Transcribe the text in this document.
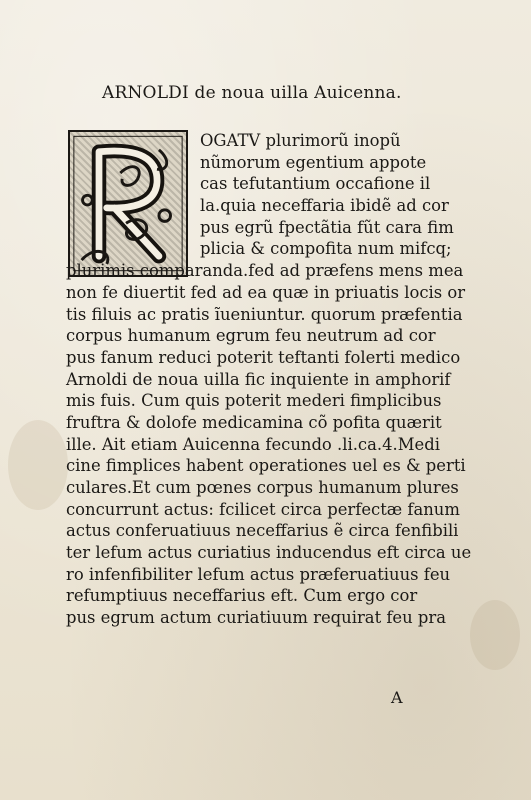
ARNOLDI de noua uilla Auicenna.
OGATV plurimorũ inopũ
nũmorum egentium appote
cas tefutantium occafione il
la.quia neceffaria ibidẽ ad cor
pus egrũ fpectãtia fũt cara fim
plicia & compofita num mifcq;
plurimis comparanda.fed ad præfens mens mea
non fe diuertit fed ad ea quæ in priuatis locis or
tis filuis ac pratis ĩueniuntur. quorum præfentia
corpus humanum egrum feu neutrum ad cor
pus fanum reduci poterit teftanti folerti medico
Arnoldi de noua uilla fic inquiente in amphorif
mis fuis. Cum quis poterit mederi fimplicibus
fruftra & dolofe medicamina cõ pofita quærit
ille. Ait etiam Auicenna fecundo .li.ca.4.Medi
cine fimplices habent operationes uel es & perti
culares.Et cum pœnes corpus humanum plures
concurrunt actus: fcilicet circa perfectæ fanum
actus conferuatiuus neceffarius ẽ circa fenfibili
ter lefum actus curiatius inducendus eft circa ue
ro infenfibiliter lefum actus præferuatiuus feu
refumptiuus neceffarius eft. Cum ergo cor
pus egrum actum curiatiuum requirat feu pra
A
